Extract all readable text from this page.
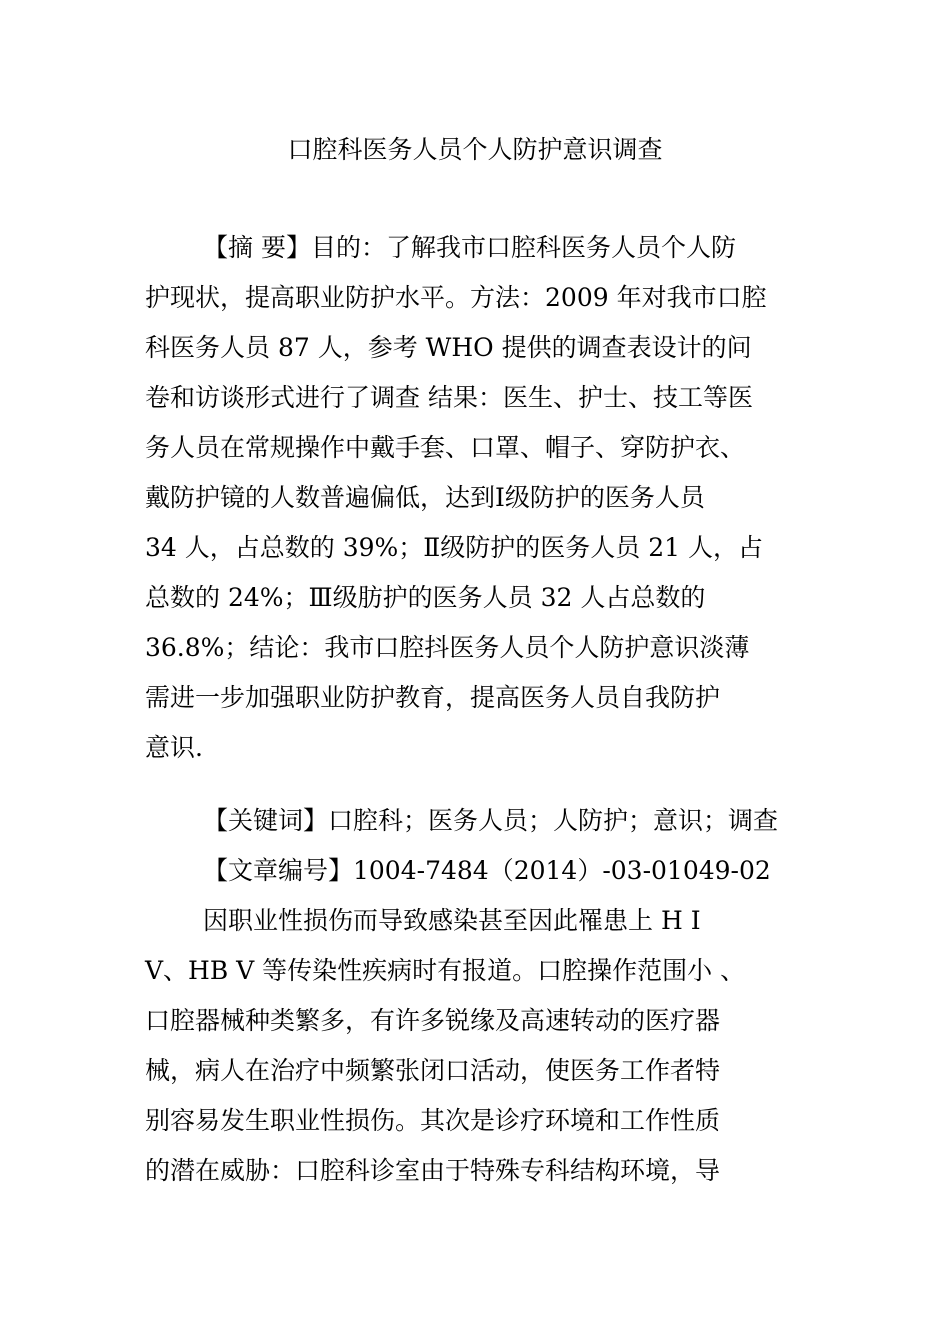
口腔科医务人员个人防护意识调查
【摘 要】目的：了解我市口腔科医务人员个人防
护现状，提高职业防护水平。方法：2009 年对我市口腔
科医务人员 87 人，参考 WHO 提供的调查表设计的问
卷和访谈形式进行了调查 结果：医生、护士、技工等医
务人员在常规操作中戴手套、口罩、帽子、穿防护衣、
戴防护镜的人数普遍偏低，达到Ⅰ级防护的医务人员
34 人，占总数的 39%；Ⅱ级防护的医务人员 21 人，占
总数的 24%；Ⅲ级肪护的医务人员 32 人占总数的
36.8%；结论：我市口腔抖医务人员个人防护意识淡薄
需进一步加强职业防护教育，提高医务人员自我防护
意识.
【关键词】口腔科；医务人员；人防护；意识；调查
【文章编号】1004-7484（2014）-03-01049-02
因职业性损伤而导致感染甚至因此罹患上 H I
V、HB V 等传染性疾病时有报道。口腔操作范围小 、
口腔器械种类繁多，有许多锐缘及高速转动的医疗器
械，病人在治疗中频繁张闭口活动，使医务工作者特
别容易发生职业性损伤。其次是诊疗环境和工作性质
的潜在威胁：口腔科诊室由于特殊专科结构环境，导
